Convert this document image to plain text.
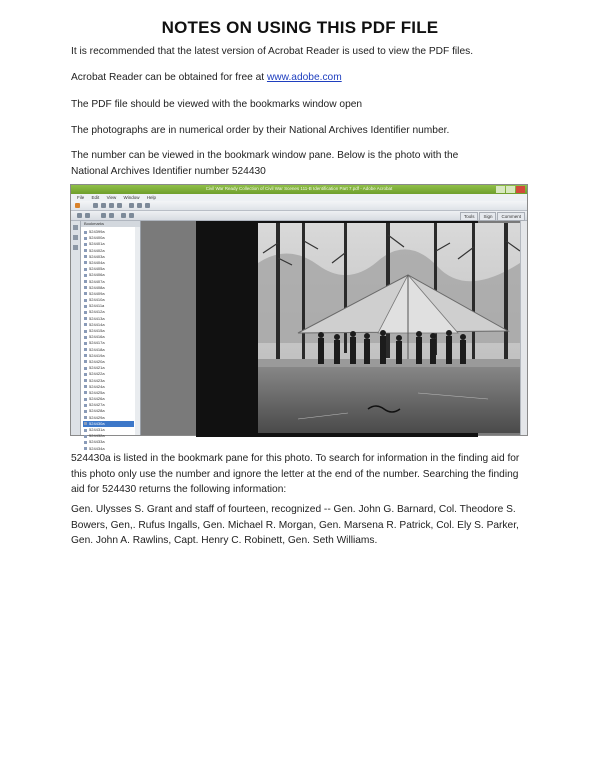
NOTES ON USING THIS PDF FILE
It is recommended that the latest version of Acrobat Reader is used to view the PDF files.
Acrobat Reader can be obtained for free at www.adobe.com
The PDF file should be viewed with the bookmarks window open
The photographs are in numerical order by their National Archives Identifier number.
The number can be viewed in the bookmark window pane. Below is the photo with the
National Archives Identifier number 524430
Civil War Ready Collection of Civil War Scenes 111-B Identification Part 7.pdf - Adobe Acrobat
File Edit View Window Help
Tools	Sign	Comment
Bookmarks
524399a
524400a
524401a
524402a
524403a
524404a
524405a
524406a
524407a
524408a
524409a
524410a
524411a
524412a
524413a
524414a
524415a
524416a
524417a
524418a
524419a
524420a
524421a
524422a
524423a
524424a
524425a
524426a
524427a
524428a
524429a
524430a
524431a
524432a
524433a
524434a
524430a is listed in the bookmark pane for this photo. To search for information in the finding aid for this photo only use the number and ignore the letter at the end of the number. Searching the finding aid for 524430 returns the following information:
Gen. Ulysses S. Grant and staff of fourteen, recognized -- Gen. John G. Barnard, Col. Theodore S. Bowers, Gen,. Rufus Ingalls, Gen. Michael R. Morgan, Gen. Marsena R. Patrick, Col. Ely S. Parker, Gen. John A. Rawlins, Capt. Henry C. Robinett, Gen. Seth Williams.
